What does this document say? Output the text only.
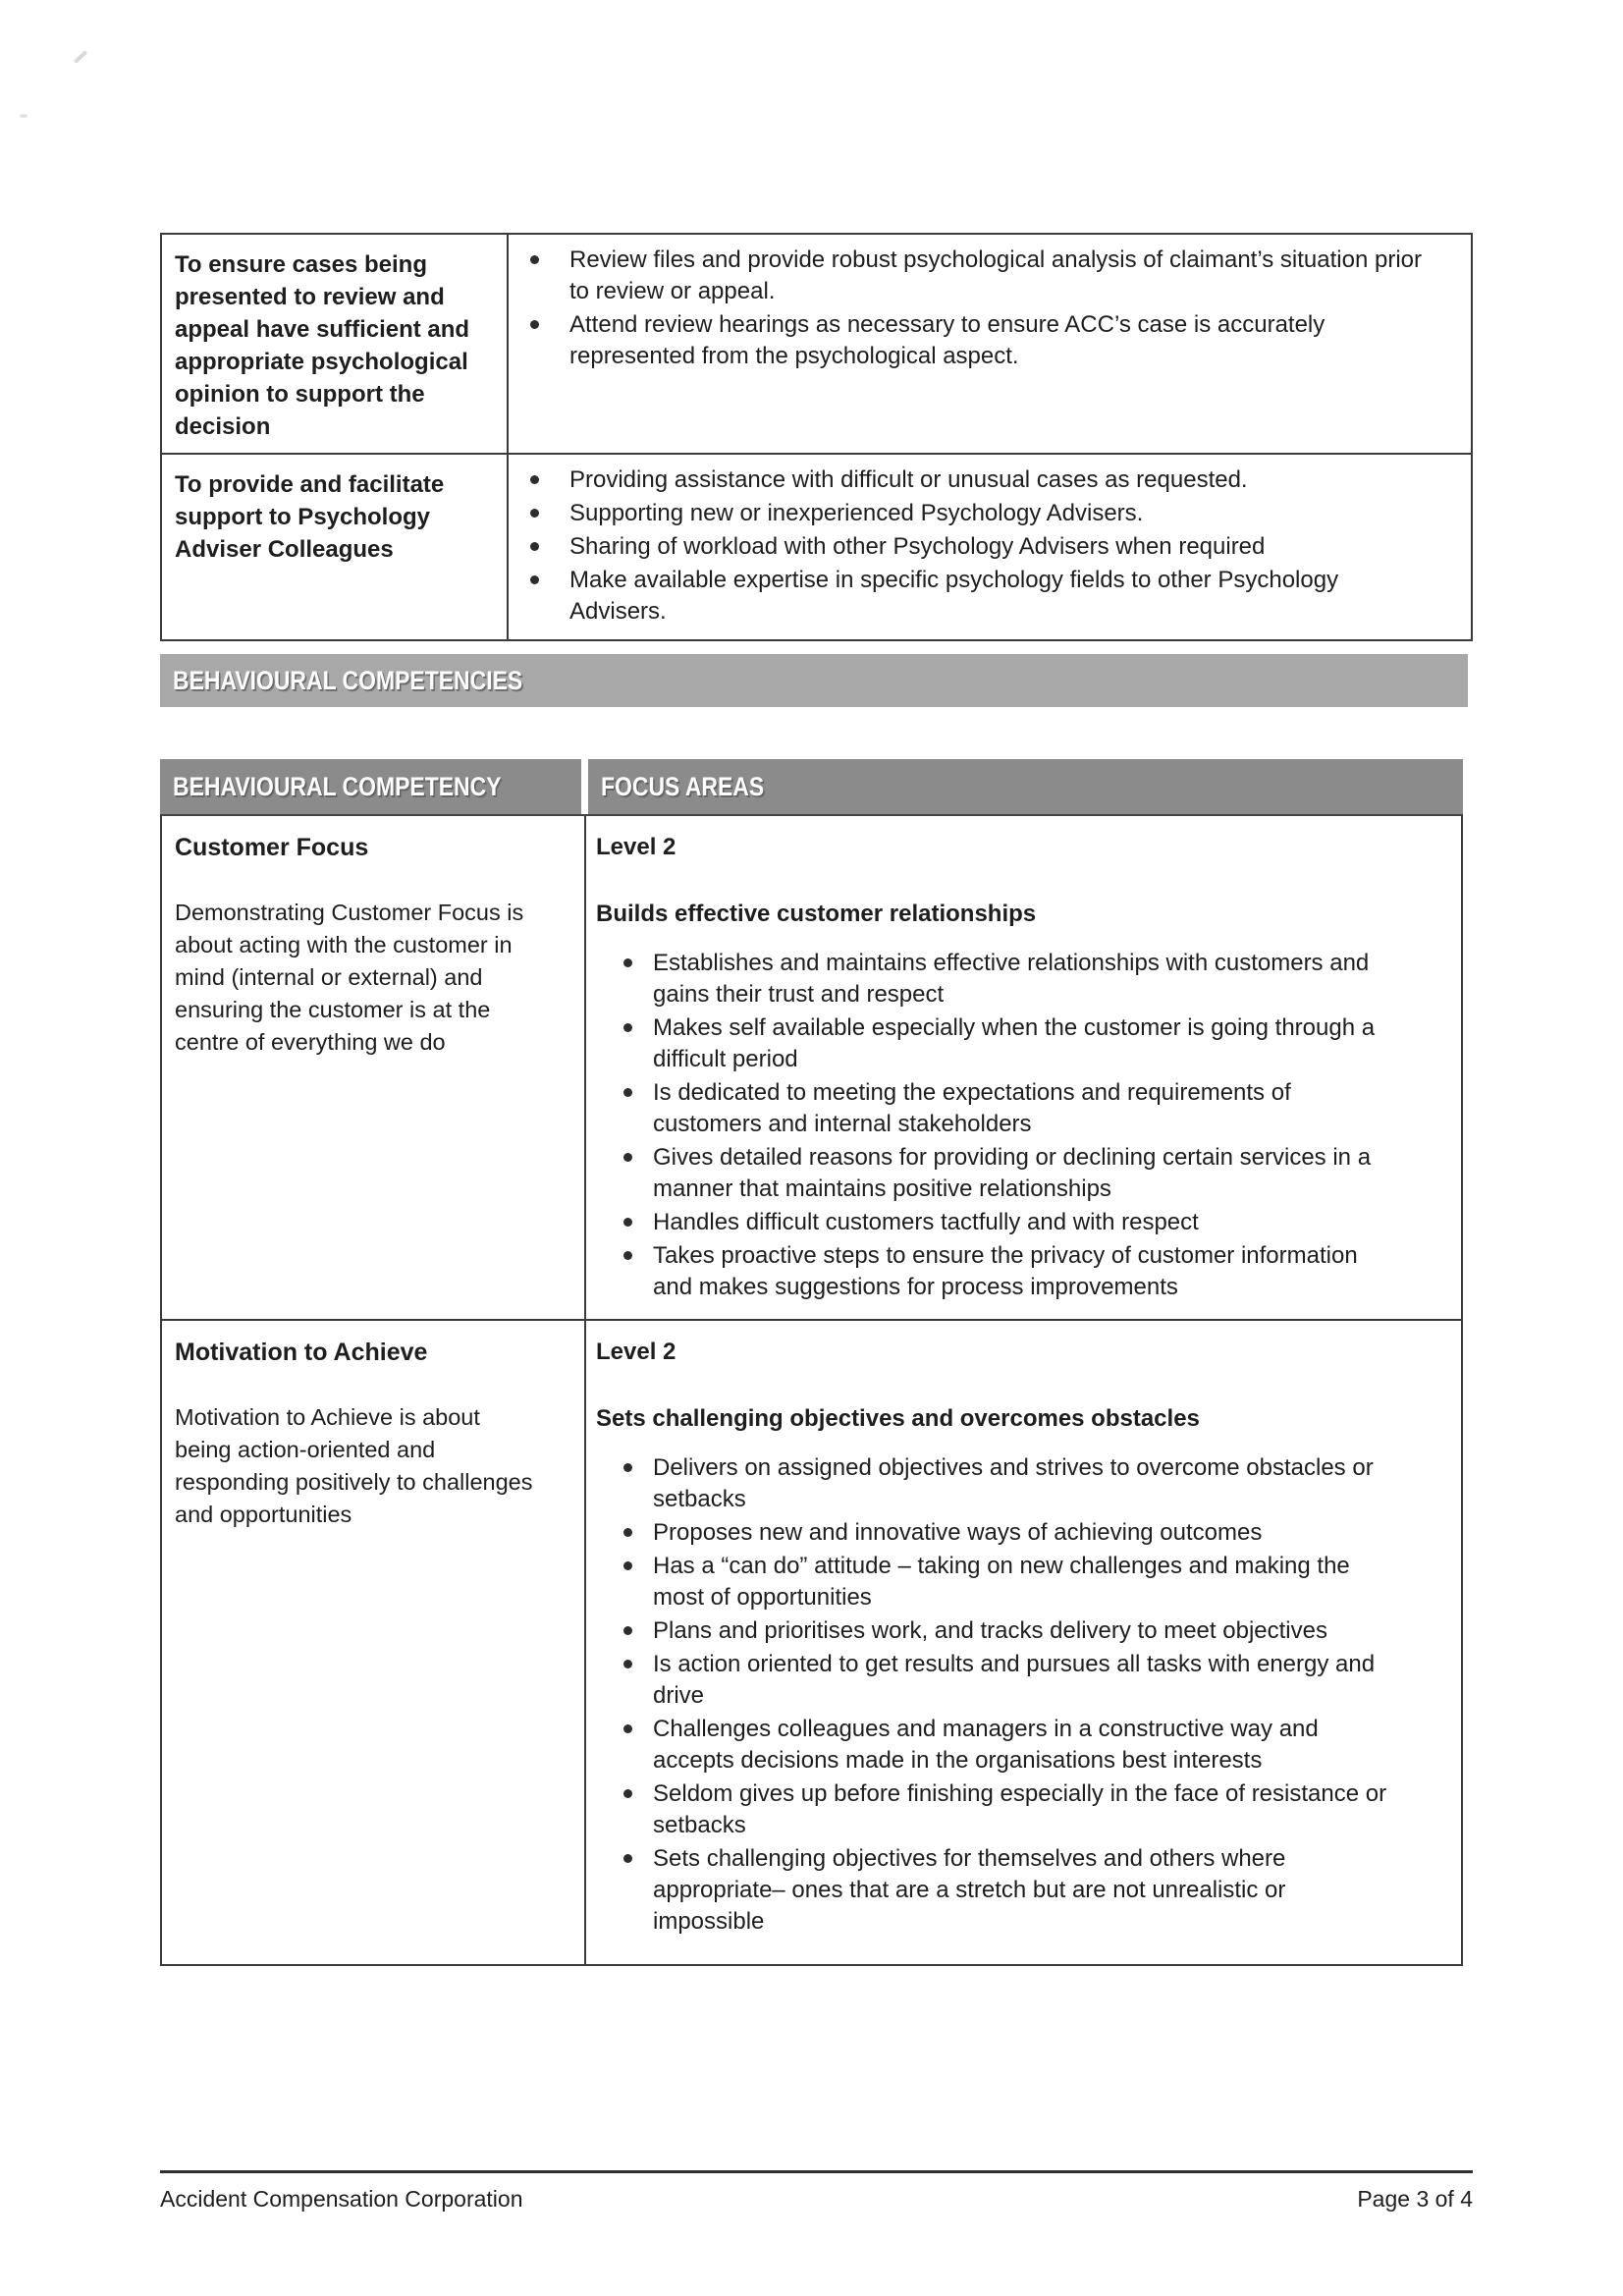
To ensure cases being presented to review and appeal have sufficient and appropriate psychological opinion to support the decision
Review files and provide robust psychological analysis of claimant’s situation prior to review or appeal.
Attend review hearings as necessary to ensure ACC’s case is accurately represented from the psychological aspect.
To provide and facilitate support to Psychology Adviser Colleagues
Providing assistance with difficult or unusual cases as requested.
Supporting new or inexperienced Psychology Advisers.
Sharing of workload with other Psychology Advisers when required
Make available expertise in specific psychology fields to other Psychology Advisers.
BEHAVIOURAL COMPETENCIES
BEHAVIOURAL COMPETENCY	FOCUS AREAS
Customer Focus
Demonstrating Customer Focus is about acting with the customer in mind (internal or external) and ensuring the customer is at the centre of everything we do
Level 2
Builds effective customer relationships
Establishes and maintains effective relationships with customers and gains their trust and respect
Makes self available especially when the customer is going through a difficult period
Is dedicated to meeting the expectations and requirements of customers and internal stakeholders
Gives detailed reasons for providing or declining certain services in a manner that maintains positive relationships
Handles difficult customers tactfully and with respect
Takes proactive steps to ensure the privacy of customer information and makes suggestions for process improvements
Motivation to Achieve
Motivation to Achieve is about being action-oriented and responding positively to challenges and opportunities
Level 2
Sets challenging objectives and overcomes obstacles
Delivers on assigned objectives and strives to overcome obstacles or setbacks
Proposes new and innovative ways of achieving outcomes
Has a “can do” attitude – taking on new challenges and making the most of opportunities
Plans and prioritises work, and tracks delivery to meet objectives
Is action oriented to get results and pursues all tasks with energy and drive
Challenges colleagues and managers in a constructive way and accepts decisions made in the organisations best interests
Seldom gives up before finishing especially in the face of resistance or setbacks
Sets challenging objectives for themselves and others where appropriate– ones that are a stretch but are not unrealistic or impossible
Accident Compensation Corporation	Page 3 of 4
